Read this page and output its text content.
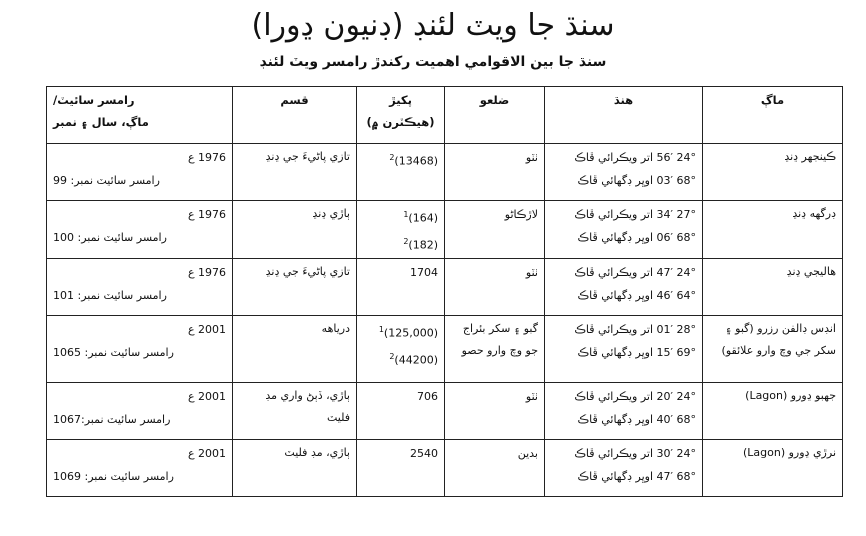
سنڌ جا ويٽ لئنڊ (ڊنيون ڍورا)
سنڌ جا بين الاقوامي اهميت رکندڙ رامسر ويٽ لئنڊ
ماڳ	هنڌ	ضلعو	پکيڙ
(هيڪٽرن ۾)	قسم	رامسر سائيٽ/
ماڳ، سال ۽ نمبر

ڪينجهر ڍنڍ	24° 56′ اتر ويڪرائي ڦاڪ
68° 03′ اوڀر ڊگهائي ڦاڪ	ٺٽو	$(13468)^2$	تازي پاڻيءَ جي ڍنڍ	1976 ع
رامسر سائيٽ نمبر: 99

ڊرگهه ڍنڍ	27° 34′ اتر ويڪرائي ڦاڪ
68° 06′ اوڀر ڊگهائي ڦاڪ	لاڙڪاڻو	$(164)^1$
$(182)^2$	ٻاڙي ڍنڍ	1976 ع
رامسر سائيٽ نمبر: 100

هاليجي ڍنڍ	24° 47′ اتر ويڪرائي ڦاڪ
64° 46′ اوڀر ڊگهائي ڦاڪ	ٺٽو	1704	تازي پاڻيءَ جي ڍنڍ	1976 ع
رامسر سائيٽ نمبر: 101

انڊس ڊالفن رزرو (گبو ۽ سکر جي وچ وارو علائقو)	28° 01′ اتر ويڪرائي ڦاڪ
69° 15′ اوڀر ڊگهائي ڦاڪ	گبو ۽ سکر بئراج جو وچ وارو حصو	$(125,000)^1$
$(44200)^2$	درياهه	2001 ع
رامسر سائيٽ نمبر: 1065

جهبو ڍورو (Lagon)	24° 20′ اتر ويڪرائي ڦاڪ
68° 40′ اوڀر ڊگهائي ڦاڪ	ٺٽو	706	ٻاڙي، ڏٻڻ واري مڊ فليٽ	2001 ع
رامسر سائيٽ نمبر:1067

نرڙي ڍورو (Lagon)	24° 30′ اتر ويڪرائي ڦاڪ
68° 47′ اوڀر ڊگهائي ڦاڪ	بدين	2540	ٻاڙي، مڊ فليٽ	2001 ع
رامسر سائيٽ نمبر: 1069
